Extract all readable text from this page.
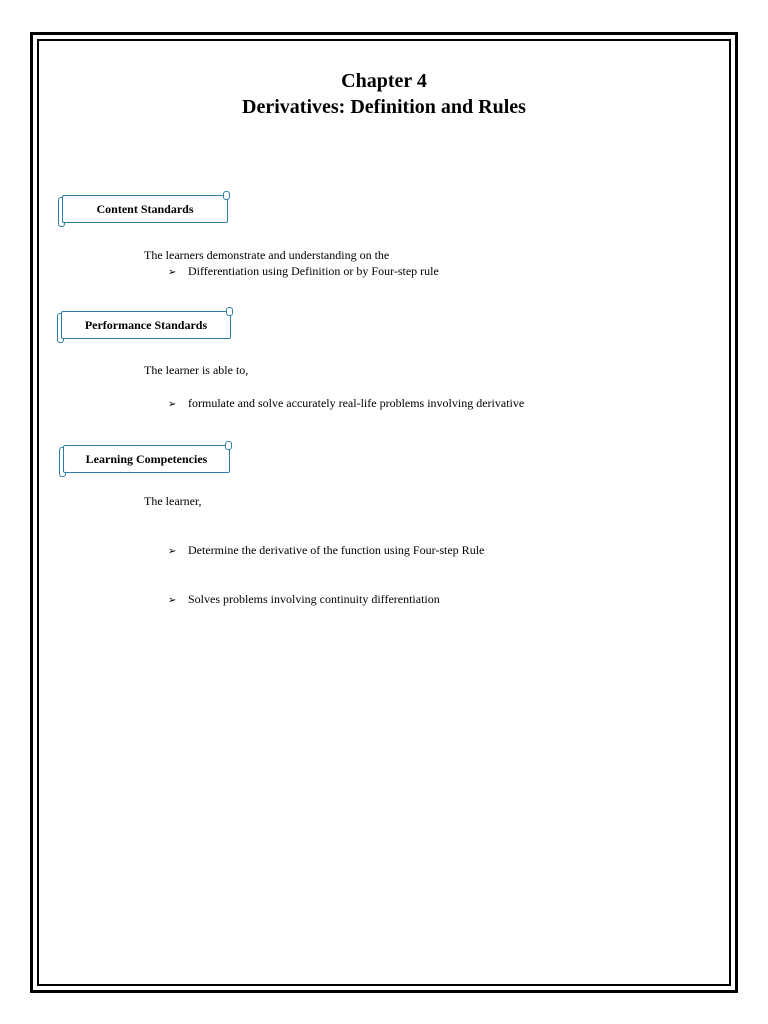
Chapter 4
Derivatives: Definition and Rules
Content Standards
The learners demonstrate and understanding on the
➢ Differentiation using Definition or by Four-step rule
Performance Standards
The learner is able to,
➢ formulate and solve accurately real-life problems involving derivative
Learning Competencies
The learner,
➢ Determine the derivative of the function using Four-step Rule
➢ Solves problems involving continuity differentiation
